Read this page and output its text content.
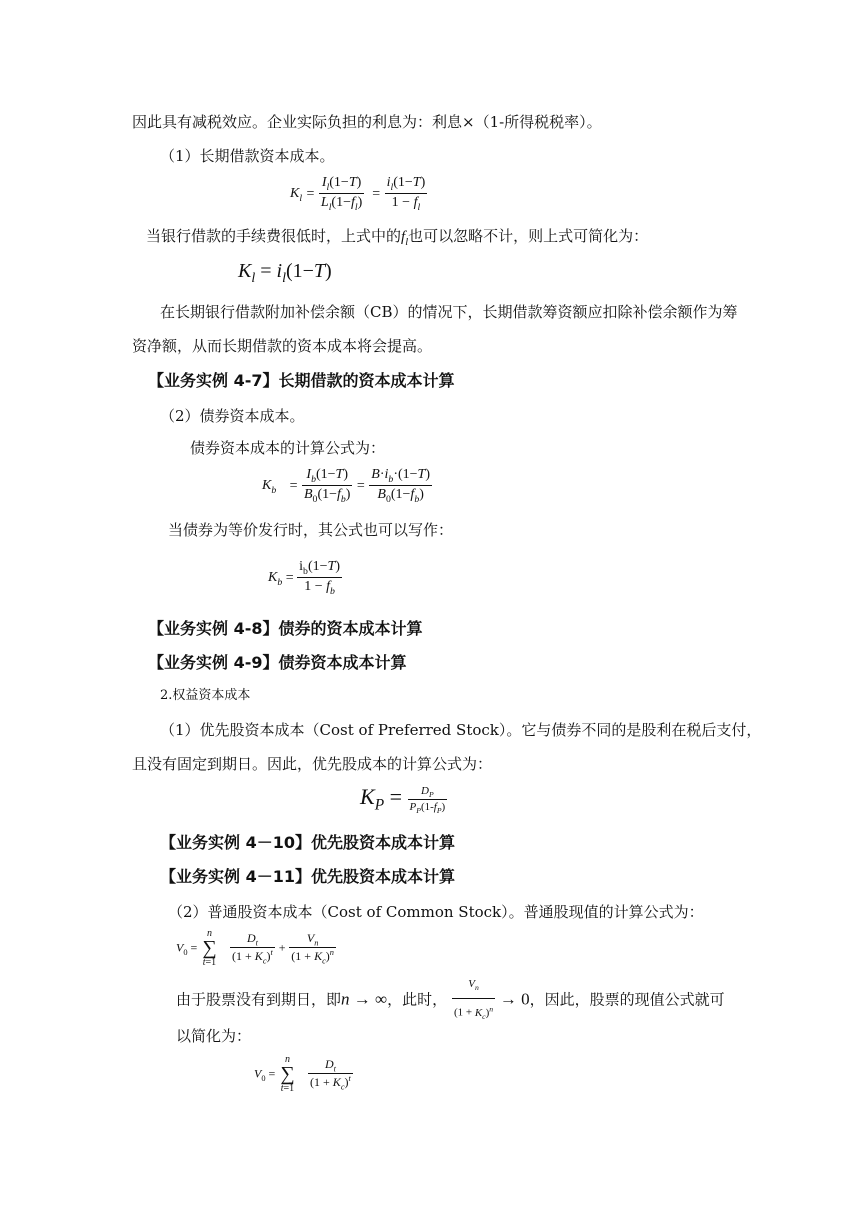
因此具有减税效应。企业实际负担的利息为：利息×（1-所得税税率）。
（1）长期借款资本成本。
$K_l = \frac{I_l(1-T)}{L_l(1-f_l)} = \frac{i_l(1-T)}{1 - f_l}$
当银行借款的手续费很低时，上式中的$f_l$也可以忽略不计，则上式可简化为：
$K_l = i_l(1-T)$
在长期银行借款附加补偿余额（CB）的情况下，长期借款筹资额应扣除补偿余额作为筹
资净额，从而长期借款的资本成本将会提高。
【业务实例 4-7】长期借款的资本成本计算
（2）债券资本成本。
债券资本成本的计算公式为：
$K_b = \frac{I_b(1-T)}{B_0(1-f_b)} = \frac{B\cdot i_b\cdot(1-T)}{B_0(1-f_b)}$
当债券为等价发行时，其公式也可以写作：
$K_b = \frac{i_b(1-T)}{1 - f_b}$
【业务实例 4-8】债券的资本成本计算
【业务实例 4-9】债券资本成本计算
2.权益资本成本
（1）优先股资本成本（Cost of Preferred Stock）。它与债券不同的是股利在税后支付，
且没有固定到期日。因此，优先股成本的计算公式为：
$K_P = \frac{D_P}{P_P(1-f_P)}$
【业务实例 4－10】优先股资本成本计算
【业务实例 4－11】优先股资本成本计算
（2）普通股资本成本（Cost of Common Stock）。普通股现值的计算公式为：
$V_0$ =
n
∑
t=1
$\frac{D_t}{(1 + K_c)^t} + \frac{V_n}{(1 + K_c)^n}$
由于股票没有到期日，即n → ∞，此时， $\frac{V_n}{(1 + K_c)^n} \to 0$，因此，股票的现值公式就可
以简化为：
$V_0$ =
n
∑
t=1
$\frac{D_t}{(1 + K_c)^t}$
